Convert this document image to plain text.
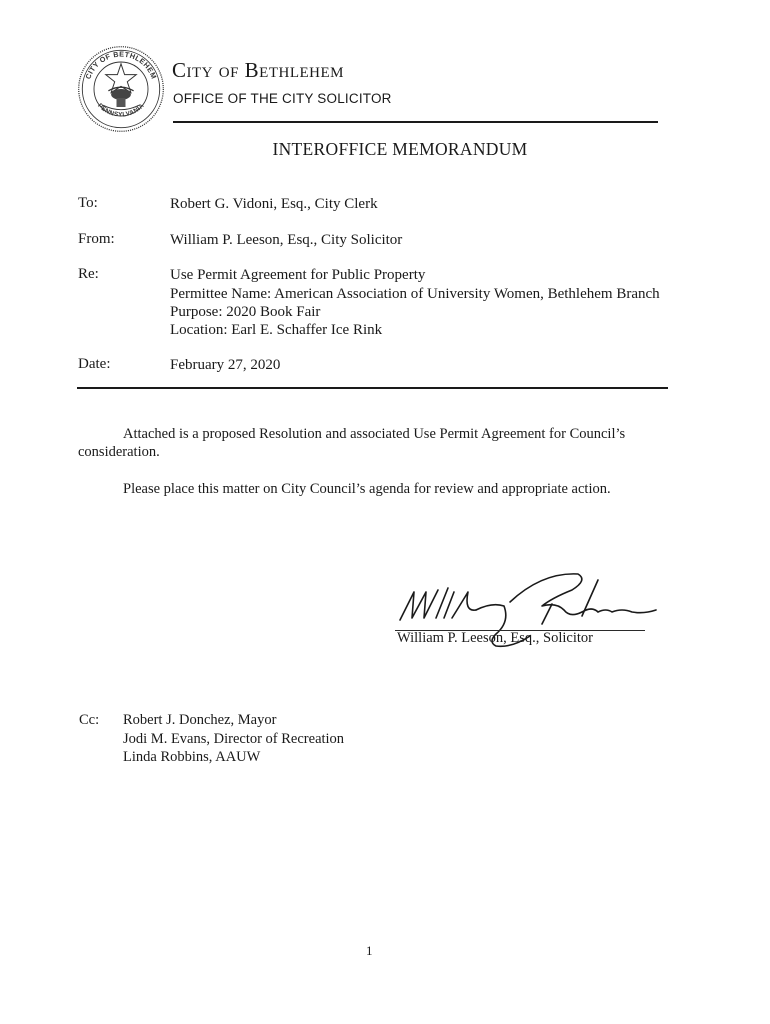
CITY OF BETHLEHEM
PENNSYLVANIA
City of Bethlehem
OFFICE OF THE CITY SOLICITOR
INTEROFFICE MEMORANDUM
To:	Robert G. Vidoni, Esq., City Clerk
From:	William P. Leeson, Esq., City Solicitor
Re:	Use Permit Agreement for Public Property
Permittee Name: American Association of University Women, Bethlehem Branch
Purpose: 2020 Book Fair
Location: Earl E. Schaffer Ice Rink
Date:	February 27, 2020
Attached is a proposed Resolution and associated Use Permit Agreement for Council’s
consideration.
Please place this matter on City Council’s agenda for review and appropriate action.
William P. Leeson, Esq., Solicitor
Cc: Robert J. Donchez, Mayor
Jodi M. Evans, Director of Recreation
Linda Robbins, AAUW
1
